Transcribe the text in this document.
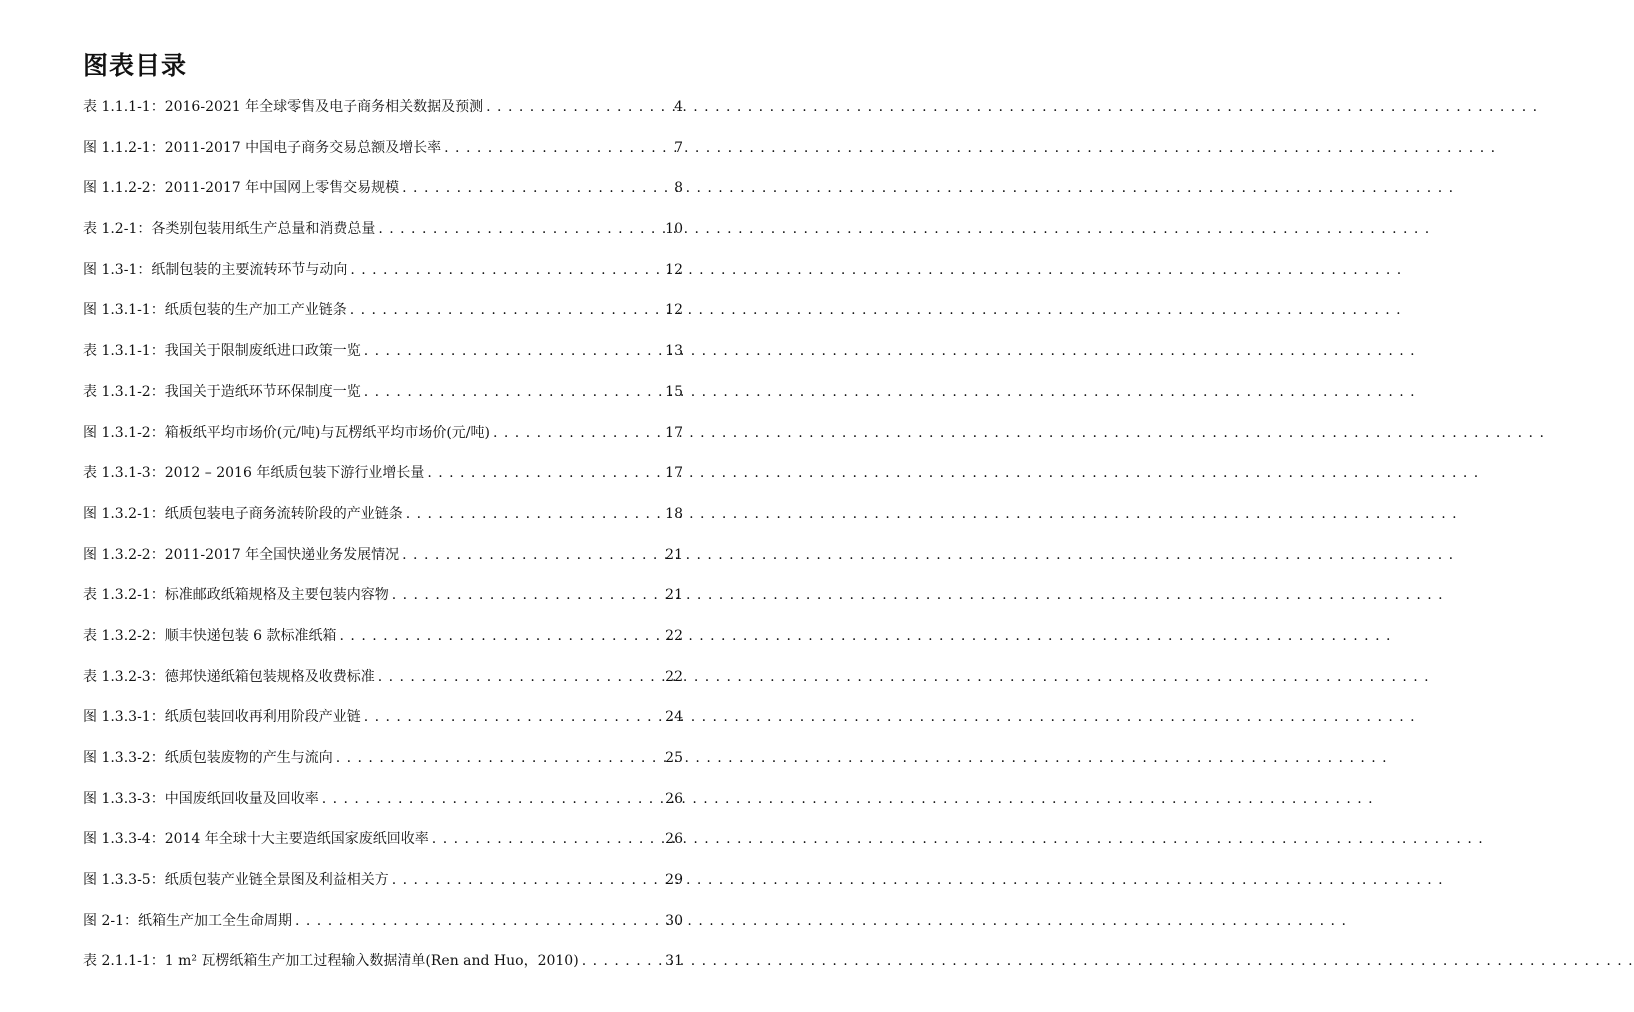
图表目录
表 1.1.1-1：2016-2021 年全球零售及电子商务相关数据及预测 . . .	4
图 1.1.2-1：2011-2017 中国电子商务交易总额及增长率 . . .	7
图 1.1.2-2：2011-2017 年中国网上零售交易规模 . . .	8
表 1.2-1：各类别包装用纸生产总量和消费总量 . . .	10
图 1.3-1：纸制包装的主要流转环节与动向 . . .	12
图 1.3.1-1：纸质包装的生产加工产业链条 . . .	12
表 1.3.1-1：我国关于限制废纸进口政策一览 . . .	13
表 1.3.1-2：我国关于造纸环节环保制度一览 . . .	15
图 1.3.1-2：箱板纸平均市场价(元/吨)与瓦楞纸平均市场价(元/吨) . . .	17
表 1.3.1-3：2012 – 2016 年纸质包装下游行业增长量 . . .	17
图 1.3.2-1：纸质包装电子商务流转阶段的产业链条 . . .	18
图 1.3.2-2：2011-2017 年全国快递业务发展情况 . . .	21
表 1.3.2-1：标准邮政纸箱规格及主要包装内容物 . . .	21
表 1.3.2-2：顺丰快递包装 6 款标准纸箱 . . .	22
表 1.3.2-3：德邦快递纸箱包装规格及收费标准 . . .	22
图 1.3.3-1：纸质包装回收再利用阶段产业链 . . .	24
图 1.3.3-2：纸质包装废物的产生与流向 . . .	25
图 1.3.3-3：中国废纸回收量及回收率 . . .	26
图 1.3.3-4：2014 年全球十大主要造纸国家废纸回收率 . . .	26
图 1.3.3-5：纸质包装产业链全景图及利益相关方 . . .	29
图 2-1：纸箱生产加工全生命周期 . . .	30
表 2.1.1-1：1 m² 瓦楞纸箱生产加工过程输入数据清单(Ren and Huo，2010) . . .	31
